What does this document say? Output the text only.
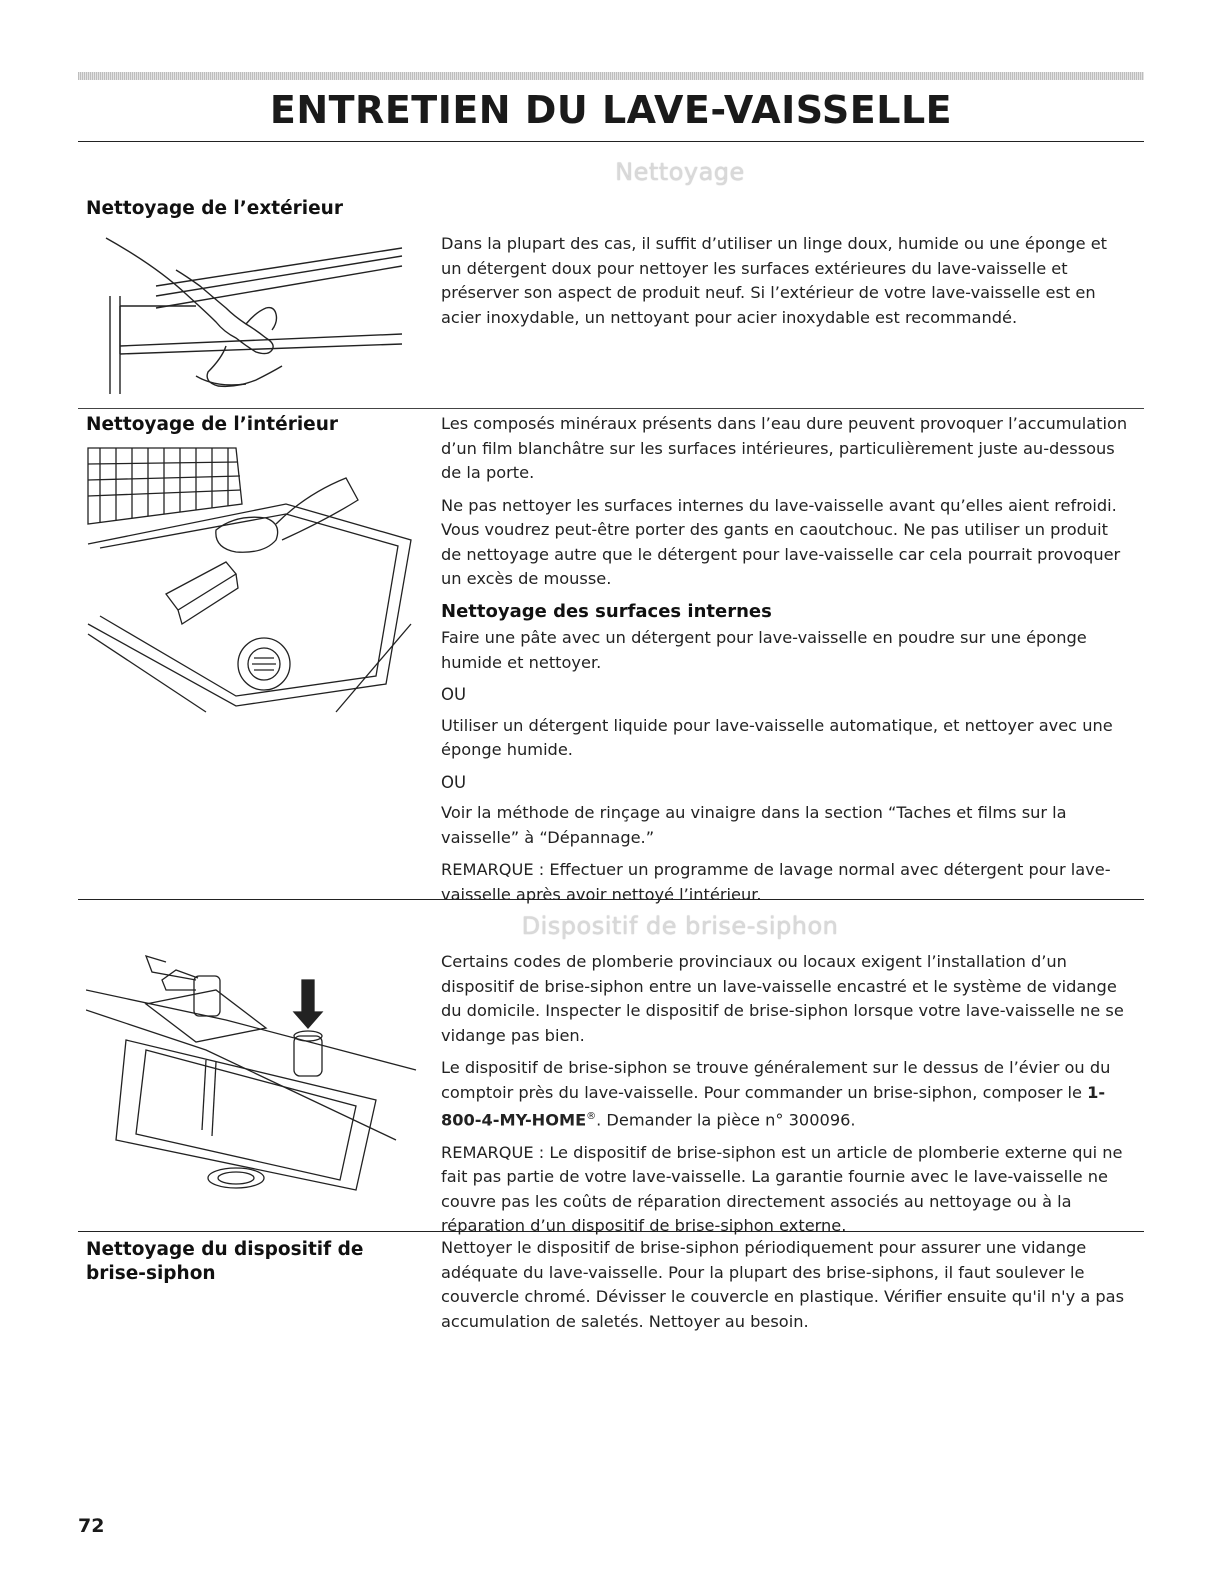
ENTRETIEN DU LAVE-VAISSELLE
Nettoyage
Nettoyage de l’extérieur
Dans la plupart des cas, il suffit d’utiliser un linge doux, humide ou une éponge et un détergent doux pour nettoyer les surfaces extérieures du lave-vaisselle et préserver son aspect de produit neuf. Si l’extérieur de votre lave-vaisselle est en acier inoxydable, un nettoyant pour acier inoxydable est recommandé.
Nettoyage de l’intérieur	Les composés minéraux présents dans l’eau dure peuvent provoquer l’accumulation d’un film blanchâtre sur les surfaces intérieures, particulièrement juste au-dessous de la porte.

Ne pas nettoyer les surfaces internes du lave-vaisselle avant qu’elles aient refroidi. Vous voudrez peut-être porter des gants en caoutchouc. Ne pas utiliser un produit de nettoyage autre que le détergent pour lave-vaisselle car cela pourrait provoquer un excès de mousse.

Nettoyage des surfaces internes

Faire une pâte avec un détergent pour lave-vaisselle en poudre sur une éponge humide et nettoyer.

OU

Utiliser un détergent liquide pour lave-vaisselle automatique, et nettoyer avec une éponge humide.

OU

Voir la méthode de rinçage au vinaigre dans la section “Taches et films sur la vaisselle” à “Dépannage.”

REMARQUE : Effectuer un programme de lavage normal avec détergent pour lave-vaisselle après avoir nettoyé l’intérieur.

Dispositif de brise-siphon

Certains codes de plomberie provinciaux ou locaux exigent l’installation d’un dispositif de brise-siphon entre un lave-vaisselle encastré et le système de vidange du domicile. Inspecter le dispositif de brise-siphon lorsque votre lave-vaisselle ne se vidange pas bien.

Le dispositif de brise-siphon se trouve généralement sur le dessus de l’évier ou du comptoir près du lave-vaisselle. Pour commander un brise-siphon, composer le 1-800-4-MY-HOME®. Demander la pièce n° 300096.

REMARQUE : Le dispositif de brise-siphon est un article de plomberie externe qui ne fait pas partie de votre lave-vaisselle. La garantie fournie avec le lave-vaisselle ne couvre pas les coûts de réparation directement associés au nettoyage ou à la réparation d’un dispositif de brise-siphon externe.

Nettoyage du dispositif de brise-siphon
Nettoyer le dispositif de brise-siphon périodiquement pour assurer une vidange adéquate du lave-vaisselle. Pour la plupart des brise-siphons, il faut soulever le couvercle chromé. Dévisser le couvercle en plastique. Vérifier ensuite qu'il n'y a pas accumulation de saletés. Nettoyer au besoin.
72
